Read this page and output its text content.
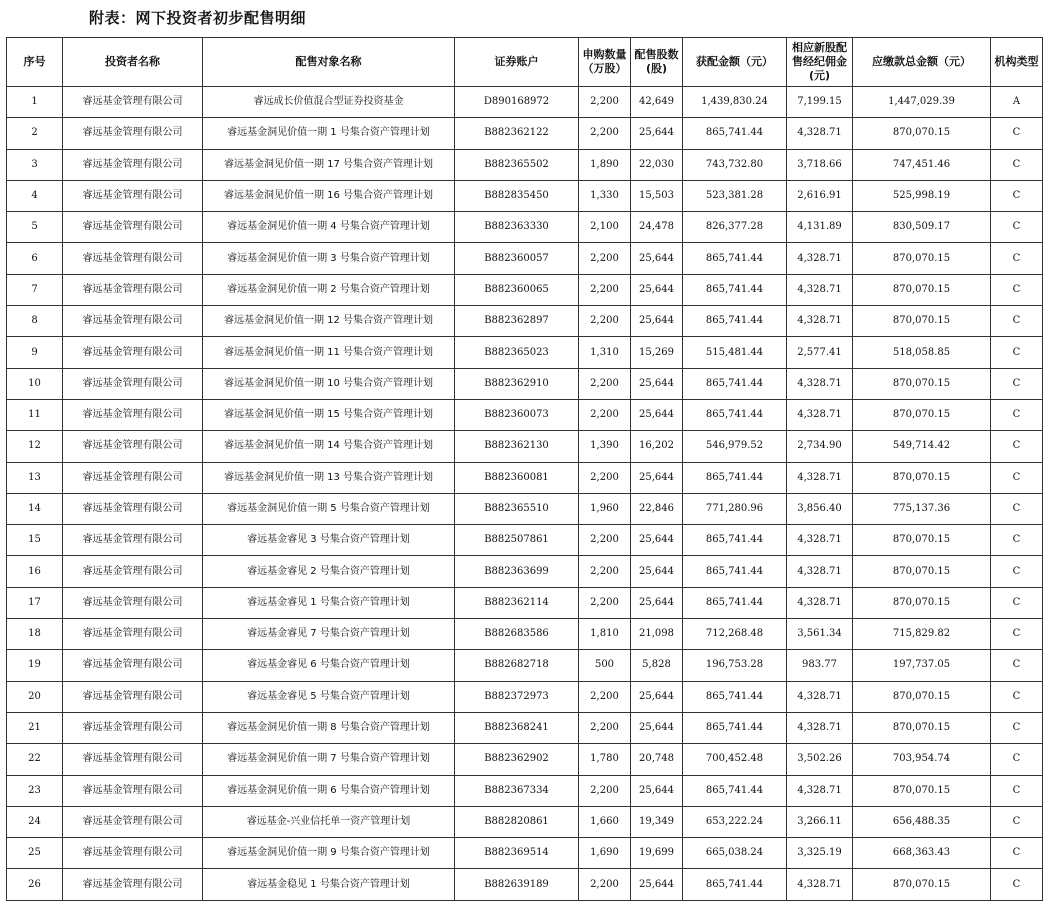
附表：网下投资者初步配售明细
序号	投资者名称	配售对象名称	证券账户	申购数量（万股）	配售股数(股)	获配金额（元）	相应新股配售经纪佣金(元)	应缴款总金额（元）	机构类型
1	睿远基金管理有限公司	睿远成长价值混合型证券投资基金	D890168972	2,200	42,649	1,439,830.24	7,199.15	1,447,029.39	A
2	睿远基金管理有限公司	睿远基金洞见价值一期 1 号集合资产管理计划	B882362122	2,200	25,644	865,741.44	4,328.71	870,070.15	C
3	睿远基金管理有限公司	睿远基金洞见价值一期 17 号集合资产管理计划	B882365502	1,890	22,030	743,732.80	3,718.66	747,451.46	C
4	睿远基金管理有限公司	睿远基金洞见价值一期 16 号集合资产管理计划	B882835450	1,330	15,503	523,381.28	2,616.91	525,998.19	C
5	睿远基金管理有限公司	睿远基金洞见价值一期 4 号集合资产管理计划	B882363330	2,100	24,478	826,377.28	4,131.89	830,509.17	C
6	睿远基金管理有限公司	睿远基金洞见价值一期 3 号集合资产管理计划	B882360057	2,200	25,644	865,741.44	4,328.71	870,070.15	C
7	睿远基金管理有限公司	睿远基金洞见价值一期 2 号集合资产管理计划	B882360065	2,200	25,644	865,741.44	4,328.71	870,070.15	C
8	睿远基金管理有限公司	睿远基金洞见价值一期 12 号集合资产管理计划	B882362897	2,200	25,644	865,741.44	4,328.71	870,070.15	C
9	睿远基金管理有限公司	睿远基金洞见价值一期 11 号集合资产管理计划	B882365023	1,310	15,269	515,481.44	2,577.41	518,058.85	C
10	睿远基金管理有限公司	睿远基金洞见价值一期 10 号集合资产管理计划	B882362910	2,200	25,644	865,741.44	4,328.71	870,070.15	C
11	睿远基金管理有限公司	睿远基金洞见价值一期 15 号集合资产管理计划	B882360073	2,200	25,644	865,741.44	4,328.71	870,070.15	C
12	睿远基金管理有限公司	睿远基金洞见价值一期 14 号集合资产管理计划	B882362130	1,390	16,202	546,979.52	2,734.90	549,714.42	C
13	睿远基金管理有限公司	睿远基金洞见价值一期 13 号集合资产管理计划	B882360081	2,200	25,644	865,741.44	4,328.71	870,070.15	C
14	睿远基金管理有限公司	睿远基金洞见价值一期 5 号集合资产管理计划	B882365510	1,960	22,846	771,280.96	3,856.40	775,137.36	C
15	睿远基金管理有限公司	睿远基金睿见 3 号集合资产管理计划	B882507861	2,200	25,644	865,741.44	4,328.71	870,070.15	C
16	睿远基金管理有限公司	睿远基金睿见 2 号集合资产管理计划	B882363699	2,200	25,644	865,741.44	4,328.71	870,070.15	C
17	睿远基金管理有限公司	睿远基金睿见 1 号集合资产管理计划	B882362114	2,200	25,644	865,741.44	4,328.71	870,070.15	C
18	睿远基金管理有限公司	睿远基金睿见 7 号集合资产管理计划	B882683586	1,810	21,098	712,268.48	3,561.34	715,829.82	C
19	睿远基金管理有限公司	睿远基金睿见 6 号集合资产管理计划	B882682718	500	5,828	196,753.28	983.77	197,737.05	C
20	睿远基金管理有限公司	睿远基金睿见 5 号集合资产管理计划	B882372973	2,200	25,644	865,741.44	4,328.71	870,070.15	C
21	睿远基金管理有限公司	睿远基金洞见价值一期 8 号集合资产管理计划	B882368241	2,200	25,644	865,741.44	4,328.71	870,070.15	C
22	睿远基金管理有限公司	睿远基金洞见价值一期 7 号集合资产管理计划	B882362902	1,780	20,748	700,452.48	3,502.26	703,954.74	C
23	睿远基金管理有限公司	睿远基金洞见价值一期 6 号集合资产管理计划	B882367334	2,200	25,644	865,741.44	4,328.71	870,070.15	C
24	睿远基金管理有限公司	睿远基金-兴业信托单一资产管理计划	B882820861	1,660	19,349	653,222.24	3,266.11	656,488.35	C
25	睿远基金管理有限公司	睿远基金洞见价值一期 9 号集合资产管理计划	B882369514	1,690	19,699	665,038.24	3,325.19	668,363.43	C
26	睿远基金管理有限公司	睿远基金稳见 1 号集合资产管理计划	B882639189	2,200	25,644	865,741.44	4,328.71	870,070.15	C
